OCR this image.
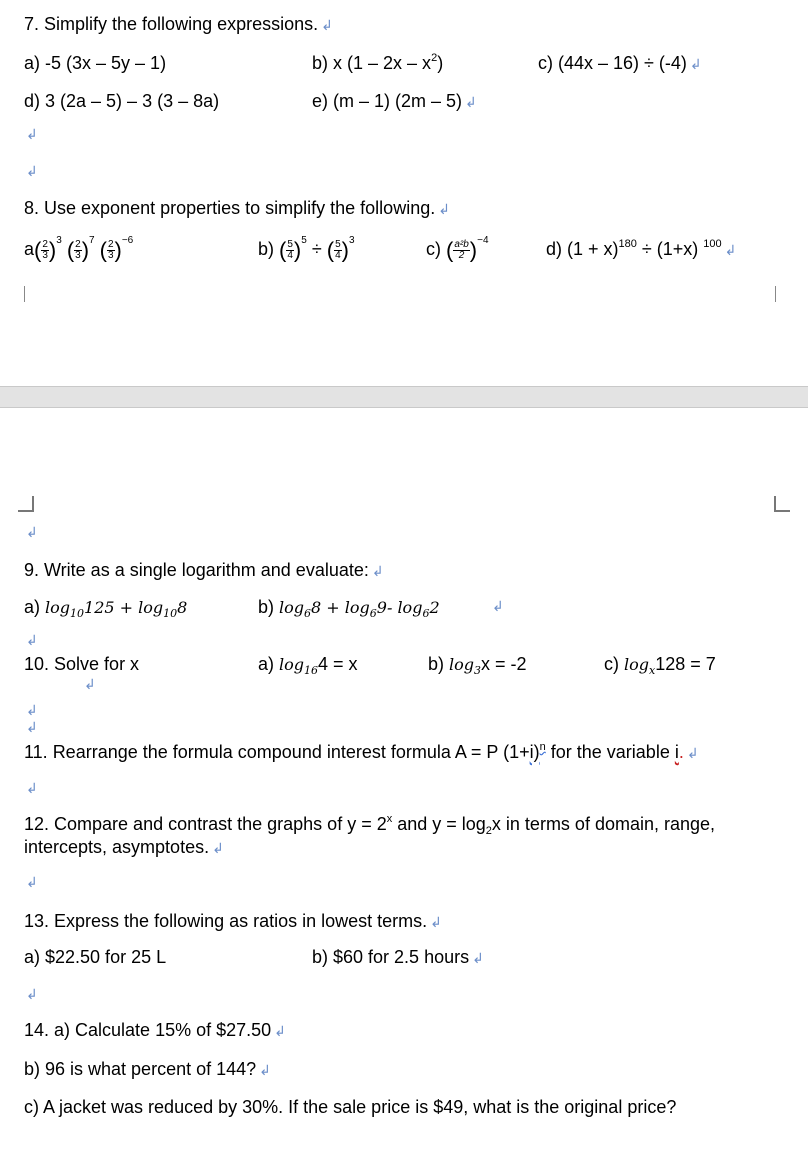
7. Simplify the following expressions. ↲
a) -5 (3x – 5y – 1)	b) x $(1 - 2x - x^2)$	c) (44x – 16) ÷ (-4) ↲
d) 3 (2a – 5) – 3 (3 – 8a)	e) (m – 1) (2m – 5) ↲
↲
↲
8. Use exponent properties to simplify the following. ↲
$a( \frac{2}{3} )^3$ ( $\frac{2}{3} )^7$ ( $\frac{2}{3} )^{-6}$	b) ( $\frac{5}{4} )^5$ ÷ ( $\frac{5}{4} )^3$	c) ( $\frac{\text{a²b}}{2} )^{-4}$	d) $(1 + x)^{180} \div (1+x)$ $^{100}$ ↲
↲
9. Write as a single logarithm and evaluate: ↲
a) $\log_{10}125 + \log_{10}8$	b) $\log_68 + \log_69-$ $\log_62$	↲
↲
10. Solve for x
↲
a) $\log_{16}4 = x$	b) $\log_3x = -2$	c) $\log_x128 = 7$
↲
↲
11. Rearrange the formula compound interest formula A = P $(1+i)^n$ for the variable i. ↲
↲
12. Compare and contrast the graphs of $y = 2^x$ and $y = \log_2x$ in terms of domain, range,
intercepts, asymptotes. ↲
↲
13. Express the following as ratios in lowest terms. ↲
a) $22.50 for 25 L	b) $60 for 2.5 hours ↲
↲
14. a) Calculate 15% of $27.50 ↲
b) 96 is what percent of 144? ↲
c) A jacket was reduced by 30%. If the sale price is $49, what is the original price?
